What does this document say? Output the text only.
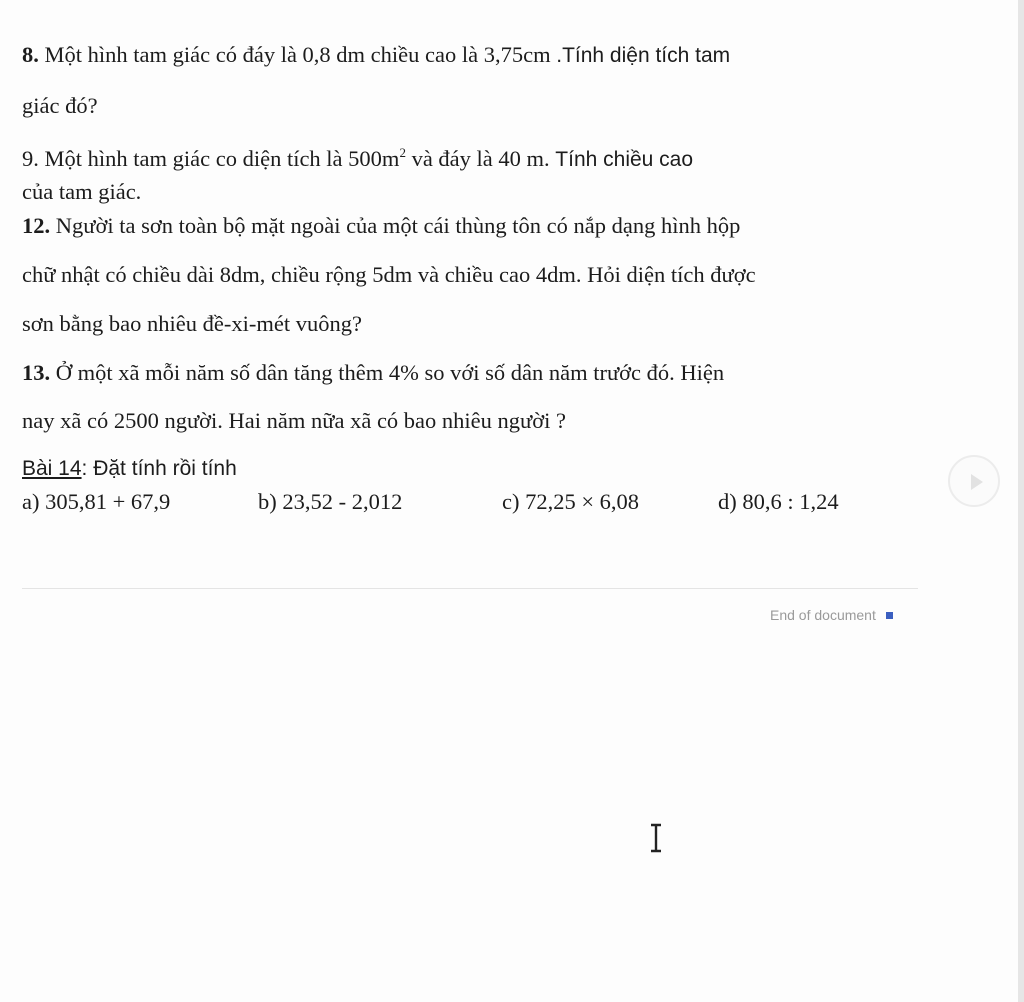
8. Một hình tam giác có đáy là 0,8 dm chiều cao là 3,75cm .Tính diện tích tam
giác đó?
9. Một hình tam giác co diện tích là $500m^2$ và đáy là 40 m. Tính chiều cao
của tam giác.
12. Người ta sơn toàn bộ mặt ngoài của một cái thùng tôn có nắp dạng hình hộp
chữ nhật có chiều dài 8dm, chiều rộng 5dm và chiều cao 4dm. Hỏi diện tích được
sơn bằng bao nhiêu đề-xi-mét vuông?
13. Ở một xã mỗi năm số dân tăng thêm 4% so với số dân năm trước đó. Hiện
nay xã có 2500 người. Hai năm nữa xã có bao nhiêu người ?
Bài 14: Đặt tính rồi tính
a) 305,81 + 67,9	b) 23,52 - 2,012	c) 72,25 × 6,08	d) 80,6 : 1,24
End of document
